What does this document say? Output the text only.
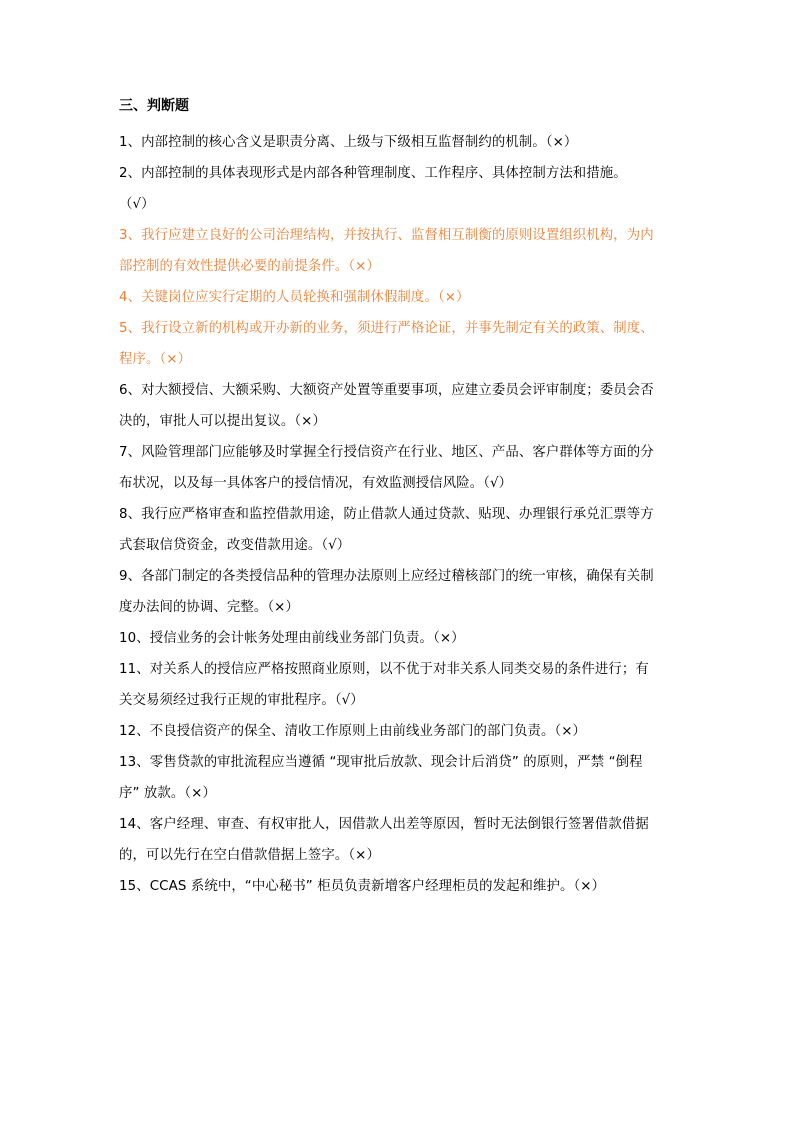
三、判断题
1、内部控制的核心含义是职责分离、上级与下级相互监督制约的机制。（×）
2、内部控制的具体表现形式是内部各种管理制度、工作程序、具体控制方法和措施。
（√）
3、我行应建立良好的公司治理结构，并按执行、监督相互制衡的原则设置组织机构，为内
部控制的有效性提供必要的前提条件。（×）
4、关键岗位应实行定期的人员轮换和强制休假制度。（×）
5、我行设立新的机构或开办新的业务，须进行严格论证，并事先制定有关的政策、制度、
程序。（×）
6、对大额授信、大额采购、大额资产处置等重要事项，应建立委员会评审制度；委员会否
决的，审批人可以提出复议。（×）
7、风险管理部门应能够及时掌握全行授信资产在行业、地区、产品、客户群体等方面的分
布状况，以及每一具体客户的授信情况，有效监测授信风险。（√）
8、我行应严格审查和监控借款用途，防止借款人通过贷款、贴现、办理银行承兑汇票等方
式套取信贷资金，改变借款用途。（√）
9、各部门制定的各类授信品种的管理办法原则上应经过稽核部门的统一审核，确保有关制
度办法间的协调、完整。（×）
10、授信业务的会计帐务处理由前线业务部门负责。（×）
11、对关系人的授信应严格按照商业原则，以不优于对非关系人同类交易的条件进行；有
关交易须经过我行正规的审批程序。（√）
12、不良授信资产的保全、清收工作原则上由前线业务部门的部门负责。（×）
13、零售贷款的审批流程应当遵循 “现审批后放款、现会计后消贷” 的原则，严禁 “倒程
序” 放款。（×）
14、客户经理、审查、有权审批人，因借款人出差等原因，暂时无法倒银行签署借款借据
的，可以先行在空白借款借据上签字。（×）
15、CCAS 系统中，“中心秘书” 柜员负责新增客户经理柜员的发起和维护。（×）
